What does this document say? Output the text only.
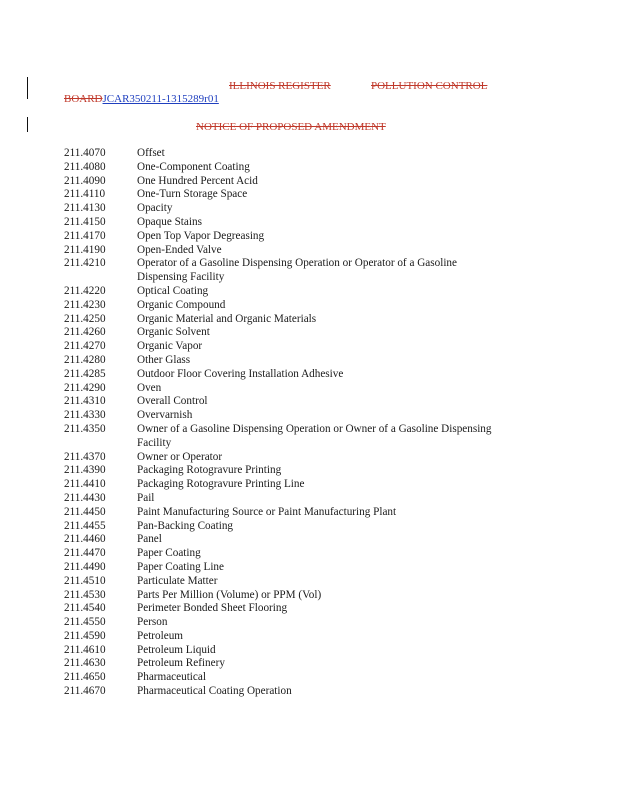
ILLINOIS REGISTER	POLLUTION CONTROL
BOARDJCAR350211-1315289r01
NOTICE OF PROPOSED AMENDMENT
211.4070	Offset
211.4080	One-Component Coating
211.4090	One Hundred Percent Acid
211.4110	One-Turn Storage Space
211.4130	Opacity
211.4150	Opaque Stains
211.4170	Open Top Vapor Degreasing
211.4190	Open-Ended Valve
211.4210	Operator of a Gasoline Dispensing Operation or Operator of a Gasoline
Dispensing Facility
211.4220	Optical Coating
211.4230	Organic Compound
211.4250	Organic Material and Organic Materials
211.4260	Organic Solvent
211.4270	Organic Vapor
211.4280	Other Glass
211.4285	Outdoor Floor Covering Installation Adhesive
211.4290	Oven
211.4310	Overall Control
211.4330	Overvarnish
211.4350	Owner of a Gasoline Dispensing Operation or Owner of a Gasoline Dispensing
Facility
211.4370	Owner or Operator
211.4390	Packaging Rotogravure Printing
211.4410	Packaging Rotogravure Printing Line
211.4430	Pail
211.4450	Paint Manufacturing Source or Paint Manufacturing Plant
211.4455	Pan-Backing Coating
211.4460	Panel
211.4470	Paper Coating
211.4490	Paper Coating Line
211.4510	Particulate Matter
211.4530	Parts Per Million (Volume) or PPM (Vol)
211.4540	Perimeter Bonded Sheet Flooring
211.4550	Person
211.4590	Petroleum
211.4610	Petroleum Liquid
211.4630	Petroleum Refinery
211.4650	Pharmaceutical
211.4670	Pharmaceutical Coating Operation
